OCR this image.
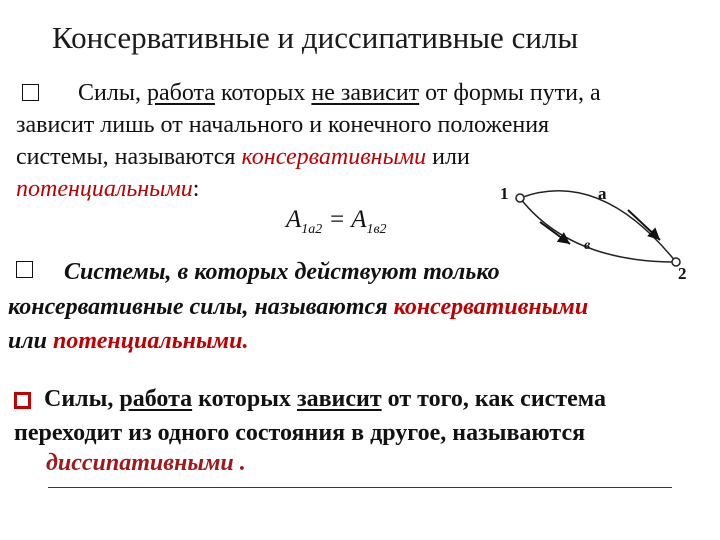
Консервативные и диссипативные силы
Силы, работа которых не зависит от формы пути, а
зависит лишь от начального и конечного положения
системы, называются консервативными или
потенциальными:
$A_{1a2} = A_{1в2}$
1
2
a
в
Системы, в которых действуют только
консервативные силы, называются консервативными
или потенциальными.
Силы, работа которых зависит от того, как система
переходит из одного состояния в другое, называются
диссипативными .
